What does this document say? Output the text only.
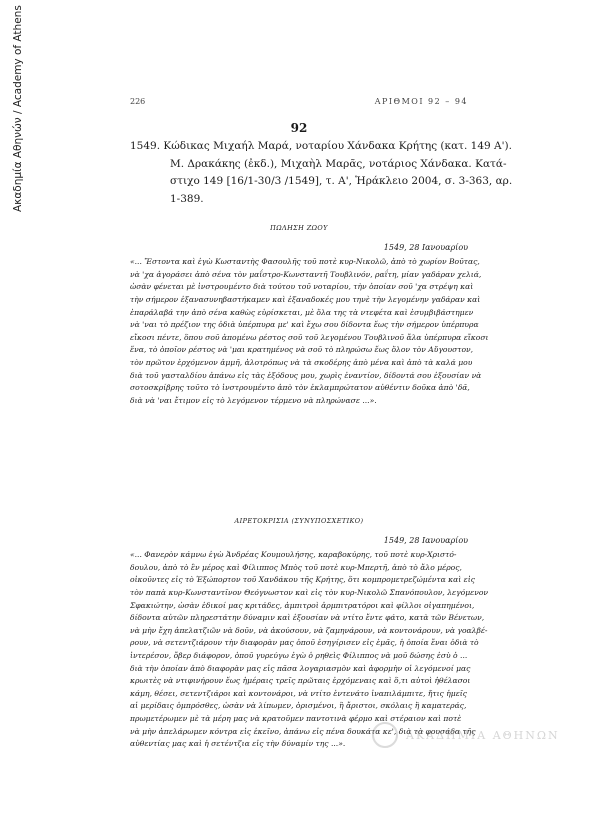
Ακαδημία Αθηνών / Academy of Athens	226	ΑΡΙΘΜΟΙ 92 – 94
92
1549. Κώδικας Μιχαήλ Μαρά, νοταρίου Χάνδακα Κρήτης (κατ. 149 Α').
Μ. Δρακάκης (ἐκδ.), Μιχαὴλ Μαρᾶς, νοτάριος Χάνδακα. Κατά-
στιχο 149 [16/1-30/3 /1549], τ. Α', Ἡράκλειο 2004, σ. 3-363, αρ.
1-389.
ΠΩΛΗΣΗ ΖΩΟΥ
1549, 28 Ιανουαρίου
«... Ἔστοντα καὶ ἐγὼ Κωσταντὴς Φασουλῆς τοῦ ποτὲ κυρ-Νικολῶ, ἀπὸ τὸ χωρίον Βοῦτας,
νὰ 'χα ἀγοράσει ἀπὸ σένα τὸν μαΐστρο-Κωνσταντῆ Τουβλινόν, ραΐτη, μίαν γαδάραν χελιά,
ὡσὰν φένεται μὲ ἰνστρουμέντο διὰ τούτου τοῦ νοταρίου, τὴν ὁποίαν σοῦ 'χα στρέψη καὶ
τὴν σήμερον ἐξανασυνηβαστήκαμεν καὶ ἐξαναδοκές μου τηνὲ τὴν λεγομένην γαδάραν καὶ
ἐπαράλαβά την ἀπὸ σένα καθὼς εὑρίσκεται, μὲ ὅλα της τὰ ντεφέτα καὶ ἐσυμβιβάστημεν
νὰ 'ναι τὸ πρέζιον της ὀδιὰ ὑπέρπυρα με' καὶ ἔχω σου δίδοντα ἕως τὴν σήμερον ὑπέρπυρα
εἴκοσι πέντε, ὅπου σοῦ ἀπομένω ρέστος σοῦ τοῦ λεγομένου Τουβλινοῦ ἄλα ὑπέρπυρα εἴκοσι
ἕνα, τὸ ὁποῖον ρέστος νὰ 'μαι κρατημένος νὰ σοῦ τὸ πληρώσω ἕως ὅλον τὸν Αὔγουστον,
τὸν πρῶτον ἐρχόμενον ἀμμῆ, ἀλοτρόπως νὰ τὰ σκοδέρης ἀπὸ μένα καὶ ἀπὸ τὰ καλά μου
διὰ τοῦ γασταλδίου ἀπάνω εἰς τὰς ἐξόδους μου, χωρὶς ἐναντίον, δίδοντά σου ἐξουσίαν νὰ
σοτοσκρίβρης τοῦτο τὸ ἰνστρουμέντο ἀπὸ τὸν ἐκλαμπρώτατον αὐθέντιν δοῦκα ἀπὸ 'δᾶ,
διὰ νὰ 'ναι ἔτιμον εἰς τὸ λεγόμενον τέρμενο νὰ πληρώνασε ...».
ΑΙΡΕΤΟΚΡΙΣΙΑ (ΣΥΝΥΠΟΣΧΕΤΙΚΟ)
1549, 28 Ιανουαρίου
«... Φανερὸν κάμνω ἐγὼ Ἀνδρέας Κουμουλήσης, καραβοκύρης, τοῦ ποτὲ κυρ-Χριστό-
δουλου, ἀπὸ τὸ ἓν μέρος καὶ Φίλιππος Μπὸς τοῦ ποτὲ κυρ-Μπερτῆ, ἀπὸ τὸ ἄλο μέρος,
οἰκοῦντες εἰς τὸ Ἐξώπορτον τοῦ Χανδάκου τῆς Κρήτης, ὅτι κομπρομετρεζώμέντα καὶ εἰς
τὸν παπὰ κυρ-Κωνσταντῖνον Θεόγνωστον καὶ εἰς τὸν κυρ-Νικολῶ Σπανόπουλον, λεγόμενον
Σφακιώτην, ὡσὰν ἐδικοί μας κριτάδες, ἀμπιτροὶ ἀρμπιτρατόροι καὶ φίλλοι οἰγαπημένοι,
δίδοντα αὐτῶν πληρεστάτην δύναμιν καὶ ἐξουσίαν νὰ ντίτο ἔντε φάτο, κατὰ τῶν Βένετων,
νὰ μὴν ἔχη ἀπελατζιῶν νὰ δοῦν, νὰ ἀκούσουν, νὰ ζαμηνάρουν, νὰ κοντονάρουν, νὰ γοαλβέ-
ρουν, νὰ σετεντζιάρουν τὴν διαφορὰν μας ὁποῦ ἐσηγίρισεν εἰς ἐμᾶς, ἡ ὁποία ἔναι ὀδιὰ τὸ
ἰντερέσον, ὄβερ διάφορον, ὁποῦ γυρεύγω ἐγὼ ὁ ρηθεὶς Φίλιππος νὰ μοῦ δώσης ἐσὺ ὁ ...
διὰ τὴν ὁποίαν ἀπὸ διαφορὰν μας εἰς πᾶσα λογαριασμὸν καὶ ἀφορμὴν οἱ λεγόμενοί μας
κρωιτὲς νὰ ντιφινήρουν ἕως ἡμέραις τρεῖς πρῶταις ἐρχόμεναις καὶ ὅ,τι αὐτοὶ ἠθέλασοι
κάμη, θέσει, σετεντζιάροι καὶ κοντονάροι, νὰ ντίτο ἐντενάτο ἰναπιλάμπιτε, ἤτις ἡμεῖς
αἱ μερίδαις ὁμπρόσθες, ὡσὰν νὰ λίπωμεν, ὁρισμένοι, ἢ ἄριστοι, σκόλαις ἢ καματεράς,
πρωμετέρωμεν μὲ τὰ μέρη μας νὰ κρατοῦμεν παντοτινὰ φέρμο καὶ στέραιον καὶ ποτὲ
νὰ μὴν ἀπελάρωμεν κόντρα εἰς ἐκεῖνο, ἀπάνω εἰς πένα δουκάτα κε', διὰ τὰ φουσάδα τῆς
αὐθεντίας μας καὶ ἡ σετέντζια εἰς τὴν δύναμίν της ...».
ΑΚΑΔΗΜΙΑ ΑΘΗΝΩΝ
